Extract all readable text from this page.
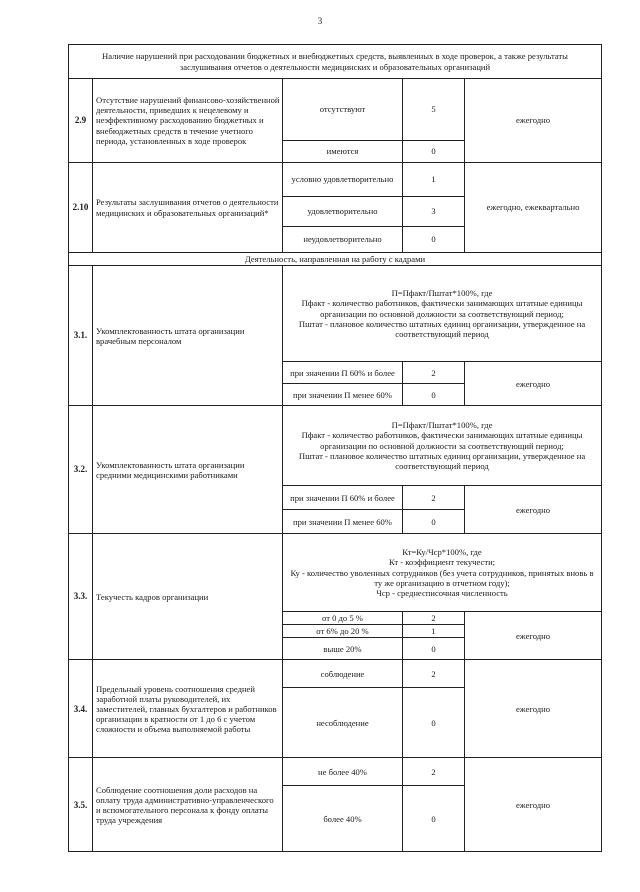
3
Наличие нарушений при расходовании бюджетных и внебюджетных средств, выявленных в ходе проверок, а также результаты заслушивания отчетов о деятельности медицинских и образовательных организаций				
2.9	Отсутствие нарушений финансово-хозяйственной деятельности, приведших к нецелевому и неэффективному расходованию бюджетных и внебюджетных средств в течение учетного периода, установленных в ходе проверок	отсутствуют	5	ежегодно
		имеются	0	
2.10	Результаты заслушивания отчетов о деятельности медицинских и образовательных организаций*	условно удовлетворительно	1	ежегодно, ежеквартально
		удовлетворительно	3	
		неудовлетворительно	0	
Деятельность, направленная на работу с кадрами				
3.1.	Укомплектованность штата организации врачебным персоналом	П=Пфакт/Пштат*100%, где
Пфакт - количество работников, фактически занимающих штатные единицы организации по основной должности за соответствующий период;
Пштат - плановое количество штатных единиц организации, утвержденное на соответствующий период		

		при значении П 60% и более	2	ежегодно
		при значении П менее 60%	0	
3.2.	Укомплектованность штата организации средними медицинскими работниками	П=Пфакт/Пштат*100%, где
Пфакт - количество работников, фактически занимающих штатные единицы организации по основной должности за соответствующий период;
Пштат - плановое количество штатных единиц организации, утвержденное на соответствующий период		

		при значении П 60% и более	2	ежегодно
		при значении П менее 60%	0	
3.3.	Текучесть кадров организации	Кт=Ку/Чср*100%, где
Кт - коэффициент текучести;
Ку - количество уволенных сотрудников (без учета сотрудников, принятых вновь в ту же организацию в отчетном году);
Чср - среднесписочная численность		

		от 0 до 5 %	2	ежегодно
		от 6% до 20 %	1	
		выше 20%	0	
3.4.	Предельный уровень соотношения средней заработной платы руководителей, их заместителей, главных бухгалтеров и работников организации в кратности от 1 до 6 с учетом сложности и объема выполняемой работы	соблюдение	2	ежегодно
		несоблюдение	0	
3.5.	Соблюдение соотношения доли расходов на оплату труда административно-управленческого и вспомогательного персонала к фонду оплаты труда учреждения	не более 40%	2	ежегодно
		более 40%	0	
